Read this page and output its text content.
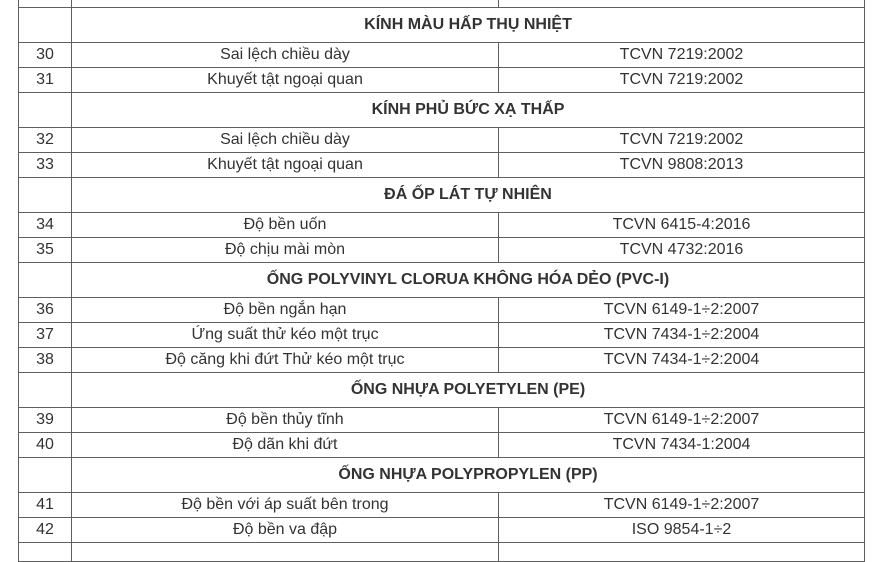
	KÍNH MÀU HẤP THỤ NHIỆT	
30	Sai lệch chiều dày	TCVN 7219:2002
31	Khuyết tật ngoại quan	TCVN 7219:2002
	KÍNH PHỦ BỨC XẠ THẤP	
32	Sai lệch chiều dày	TCVN 7219:2002
33	Khuyết tật ngoại quan	TCVN 9808:2013
	ĐÁ ỐP LÁT TỰ NHIÊN	
34	Độ bền uốn	TCVN 6415-4:2016
35	Độ chịu mài mòn	TCVN 4732:2016
	ỐNG POLYVINYL CLORUA KHÔNG HÓA DẺO (PVC-I)	
36	Độ bền ngắn hạn	TCVN 6149-1÷2:2007
37	Ứng suất thử kéo một trục	TCVN 7434-1÷2:2004
38	Độ căng khi đứt Thử kéo một trục	TCVN 7434-1÷2:2004
	ỐNG NHỰA POLYETYLEN (PE)	
39	Độ bền thủy tĩnh	TCVN 6149-1÷2:2007
40	Độ dãn khi đứt	TCVN 7434-1:2004
	ỐNG NHỰA POLYPROPYLEN (PP)	
41	Độ bền với áp suất bên trong	TCVN 6149-1÷2:2007
42	Độ bền va đập	ISO 9854-1÷2
